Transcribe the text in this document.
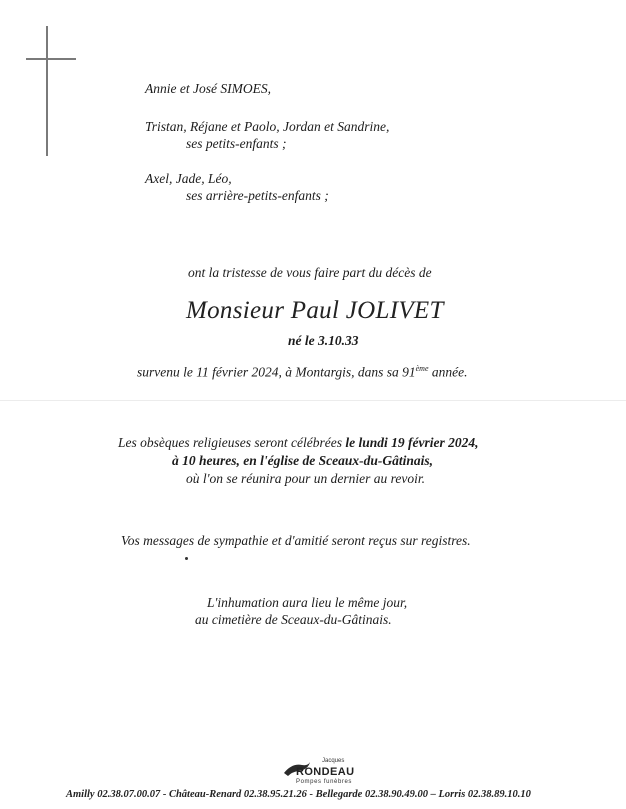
Annie et José SIMOES,
Tristan, Réjane et Paolo, Jordan et Sandrine,
ses petits-enfants ;
Axel, Jade, Léo,
ses arrière-petits-enfants ;
ont la tristesse de vous faire part du décès de
Monsieur Paul JOLIVET
né le 3.10.33
survenu le 11 février 2024, à Montargis, dans sa 91ème année.
Les obsèques religieuses seront célébrées le lundi 19 février 2024,
à 10 heures, en l'église de Sceaux-du-Gâtinais,
où l'on se réunira pour un dernier au revoir.
Vos messages de sympathie et d'amitié seront reçus sur registres.
L'inhumation aura lieu le même jour,
au cimetière de Sceaux-du-Gâtinais.
Jacques
RONDEAU
Pompes funèbres
Amilly 02.38.07.00.07 - Château-Renard 02.38.95.21.26 - Bellegarde 02.38.90.49.00 – Lorris 02.38.89.10.10
